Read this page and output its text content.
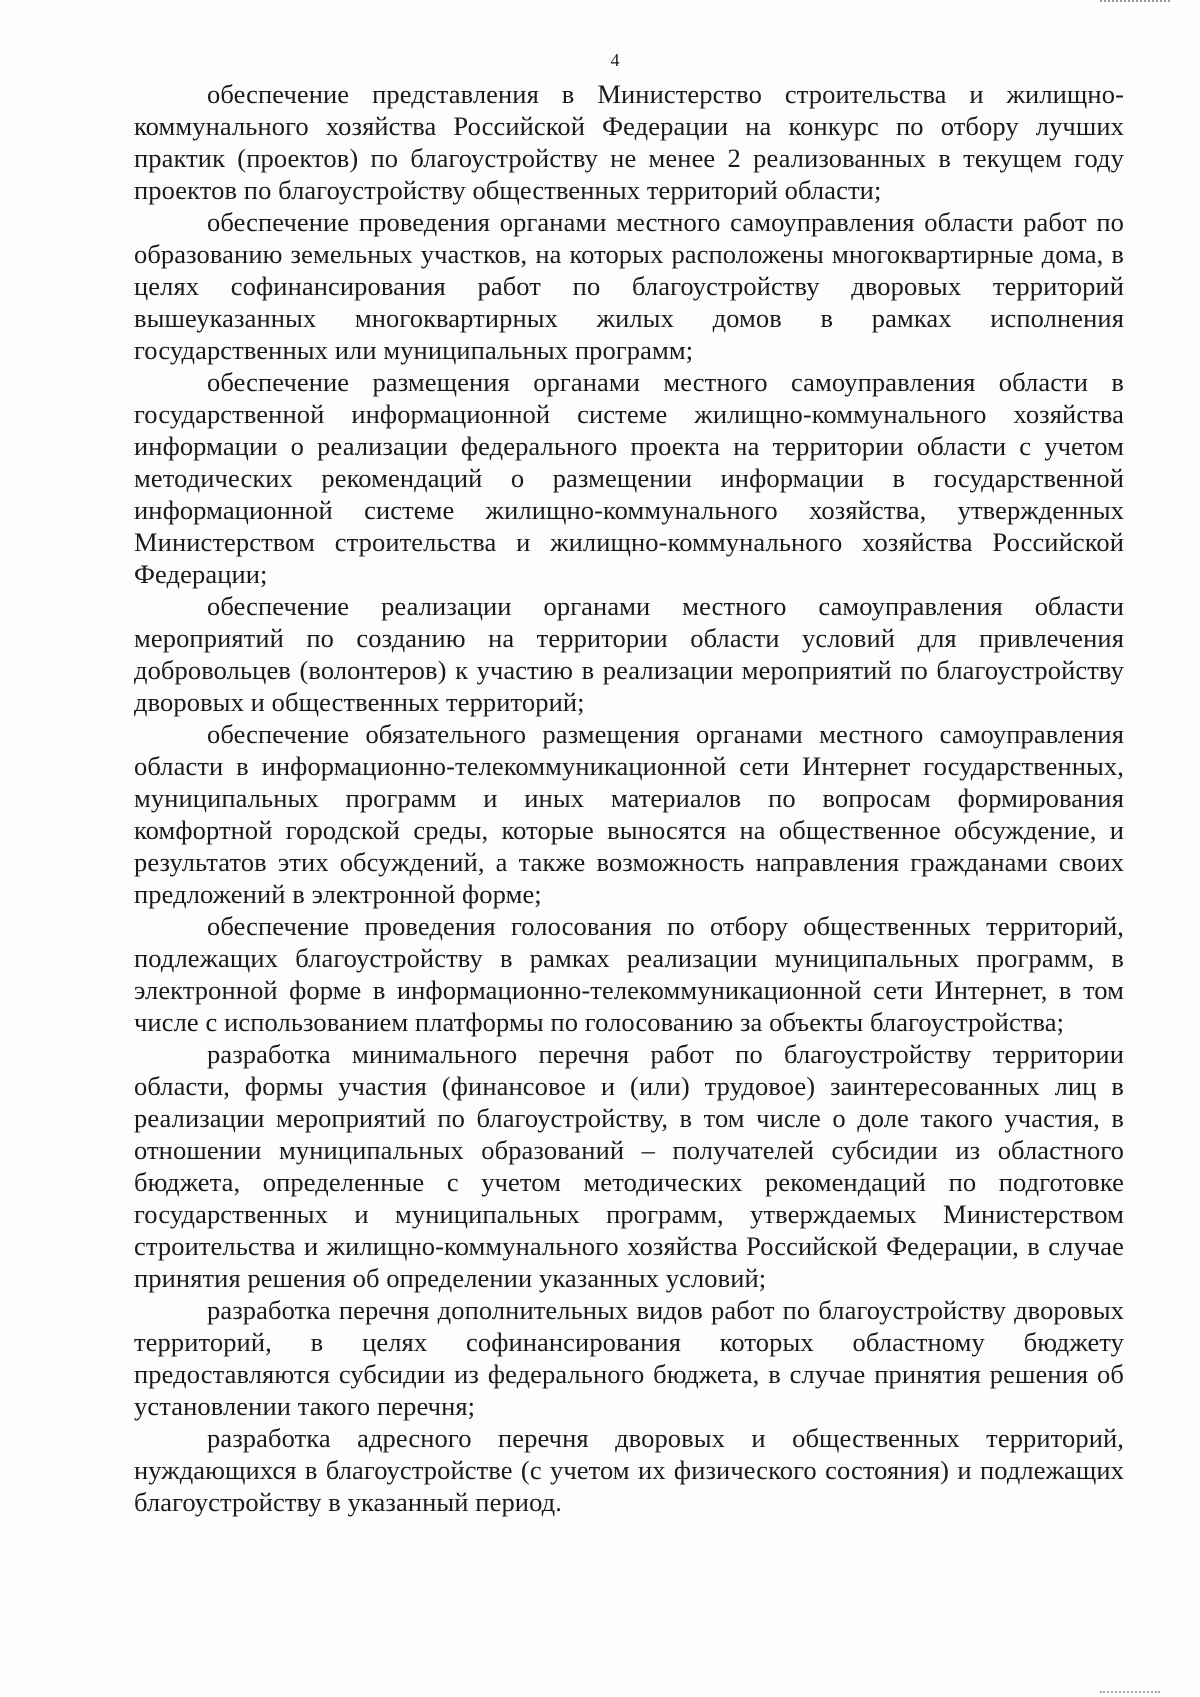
4

обеспечение представления в Министерство строительства и жилищно-коммунального хозяйства Российской Федерации на конкурс по отбору лучших практик (проектов) по благоустройству не менее 2 реализованных в текущем году проектов по благоустройству общественных территорий области;

обеспечение проведения органами местного самоуправления области работ по образованию земельных участков, на которых расположены многоквартирные дома, в целях софинансирования работ по благоустройству дворовых территорий вышеуказанных многоквартирных жилых домов в рамках исполнения государственных или муниципальных программ;

обеспечение размещения органами местного самоуправления области в государственной информационной системе жилищно-коммунального хозяйства информации о реализации федерального проекта на территории области с учетом методических рекомендаций о размещении информации в государственной информационной системе жилищно-коммунального хозяйства, утвержденных Министерством строительства и жилищно-коммунального хозяйства Российской Федерации;

обеспечение реализации органами местного самоуправления области мероприятий по созданию на территории области условий для привлечения добровольцев (волонтеров) к участию в реализации мероприятий по благоустройству дворовых и общественных территорий;

обеспечение обязательного размещения органами местного самоуправления области в информационно-телекоммуникационной сети Интернет государственных, муниципальных программ и иных материалов по вопросам формирования комфортной городской среды, которые выносятся на общественное обсуждение, и результатов этих обсуждений, а также возможность направления гражданами своих предложений в электронной форме;

обеспечение проведения голосования по отбору общественных территорий, подлежащих благоустройству в рамках реализации муниципальных программ, в электронной форме в информационно-телекоммуникационной сети Интернет, в том числе с использованием платформы по голосованию за объекты благоустройства;

разработка минимального перечня работ по благоустройству территории области, формы участия (финансовое и (или) трудовое) заинтересованных лиц в реализации мероприятий по благоустройству, в том числе о доле такого участия, в отношении муниципальных образований – получателей субсидии из областного бюджета, определенные с учетом методических рекомендаций по подготовке государственных и муниципальных программ, утверждаемых Министерством строительства и жилищно-коммунального хозяйства Российской Федерации, в случае принятия решения об определении указанных условий;

разработка перечня дополнительных видов работ по благоустройству дворовых территорий, в целях софинансирования которых областному бюджету предоставляются субсидии из федерального бюджета, в случае принятия решения об установлении такого перечня;

разработка адресного перечня дворовых и общественных территорий, нуждающихся в благоустройстве (с учетом их физического состояния) и подлежащих благоустройству в указанный период.
